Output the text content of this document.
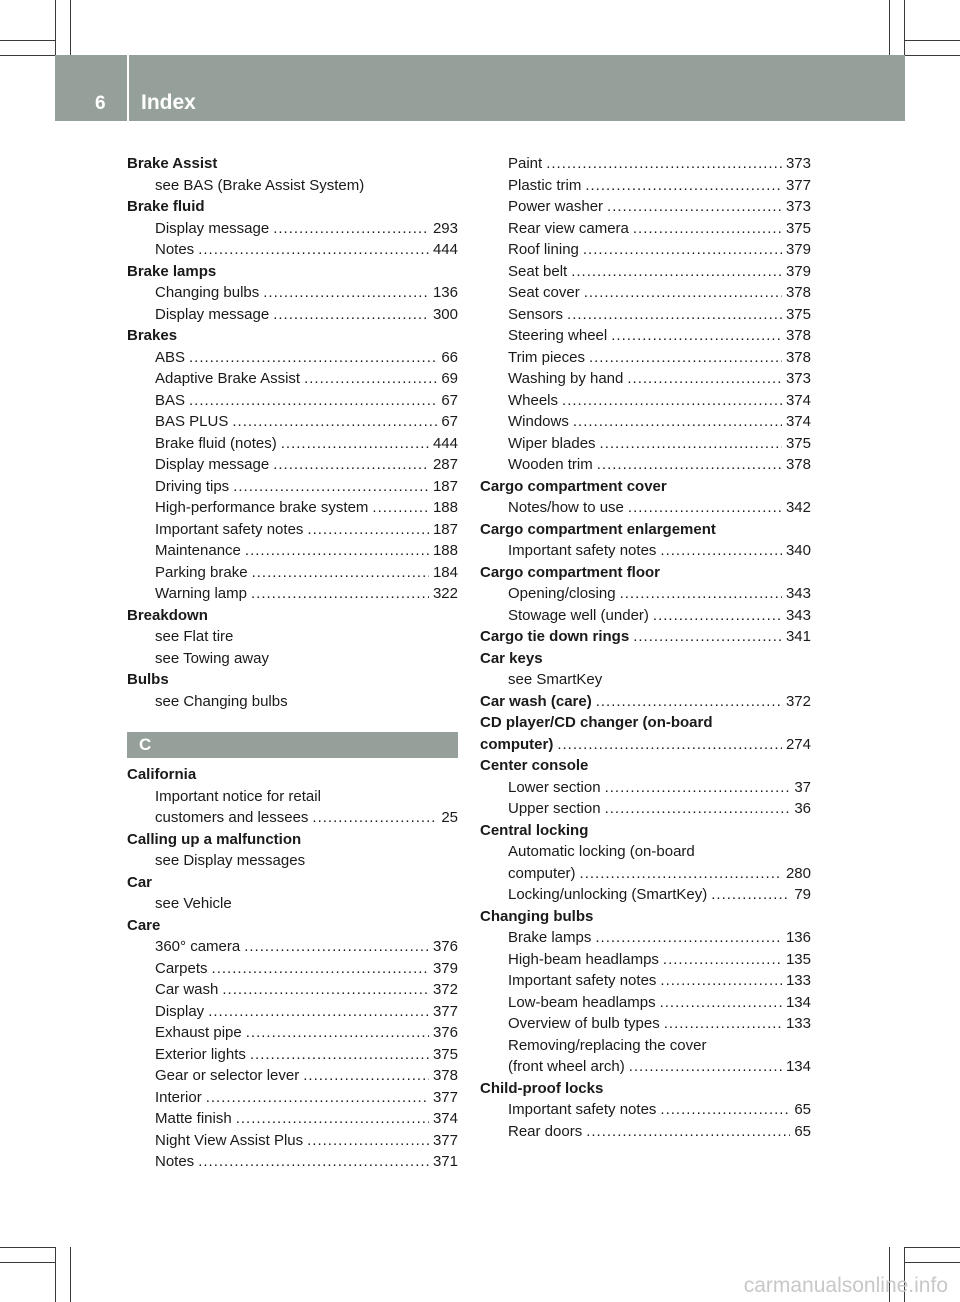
6 Index
Brake Assist
see BAS (Brake Assist System)
Brake fluid
Display message .....	293
Notes .....	444
Brake lamps
Changing bulbs .....	136
Display message .....	300
Brakes
ABS .....	66
Adaptive Brake Assist .....	69
BAS .....	67
BAS PLUS .....	67
Brake fluid (notes) .....	444
Display message .....	287
Driving tips .....	187
High-performance brake system .....	188
Important safety notes .....	187
Maintenance .....	188
Parking brake .....	184
Warning lamp .....	322
Breakdown
see Flat tire
see Towing away
Bulbs
see Changing bulbs
C
California
Important notice for retail
customers and lessees .....	25
Calling up a malfunction
see Display messages
Car
see Vehicle
Care
360° camera .....	376
Carpets .....	379
Car wash .....	372
Display .....	377
Exhaust pipe .....	376
Exterior lights .....	375
Gear or selector lever .....	378
Interior .....	377
Matte finish .....	374
Night View Assist Plus .....	377
Notes .....	371
Paint .....	373
Plastic trim .....	377
Power washer .....	373
Rear view camera .....	375
Roof lining .....	379
Seat belt .....	379
Seat cover .....	378
Sensors .....	375
Steering wheel .....	378
Trim pieces .....	378
Washing by hand .....	373
Wheels .....	374
Windows .....	374
Wiper blades .....	375
Wooden trim .....	378
Cargo compartment cover
Notes/how to use .....	342
Cargo compartment enlargement
Important safety notes .....	340
Cargo compartment floor
Opening/closing .....	343
Stowage well (under) .....	343
Cargo tie down rings .....	341
Car keys
see SmartKey
Car wash (care) .....	372
CD player/CD changer (on-board
computer) .....	274
Center console
Lower section .....	37
Upper section .....	36
Central locking
Automatic locking (on-board
computer) .....	280
Locking/unlocking (SmartKey) .....	79
Changing bulbs
Brake lamps .....	136
High-beam headlamps .....	135
Important safety notes .....	133
Low-beam headlamps .....	134
Overview of bulb types .....	133
Removing/replacing the cover
(front wheel arch) .....	134
Child-proof locks
Important safety notes .....	65
Rear doors .....	65
carmanualsonline.info
